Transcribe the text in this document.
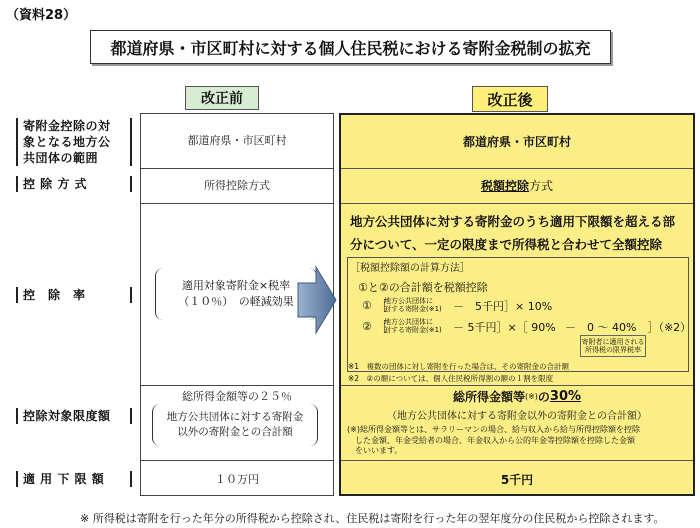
（資料28）
都道府県・市区町村に対する個人住民税における寄附金税制の拡充
改正前	改正後
寄附金控除の対
象となる地方公
共団体の範囲
控 除 方 式
控　除　率
控除対象限度額
適 用 下 限 額
都道府県・市区町村
所得控除方式
適用対象寄附金×税率
（１０％）　の軽減効果
総所得金額等の２５％
地方公共団体に対する寄附金
以外の寄附金との合計額
１０万円
都道府県・市区町村
税額控除 方式
地方公共団体に対する寄附金のうち適用下限額を超える部
分について、一定の限度まで所得税と合わせて全額控除
［税額控除額の計算方法］
①と②の合計額を税額控除
① ［
地方公共団体に
対する寄附金(※1) －　5千円］× 10%
② ［
地方公共団体に
対する寄附金(※1) － 5千円］×［ 90% －　0 ～ 40%　］（※2）
寄附者に適用される
所得税の限界税率
※1　複数の団体に対し寄附を行った場合は、その寄附金の合計額
※2　②の額については、個人住民税所得割の額の１割を限度
総所得金額等 (※) の 30%
（地方公共団体に対する寄附金以外の寄附金との合計額）
(※)総所得金額等とは、サラリーマンの場合、給与収入から給与所得控除額を控除
　した金額、年金受給者の場合、年金収入から公的年金等控除額を控除した金額
　をいいます。
5千円
※ 所得税は寄附を行った年分の所得税から控除され、住民税は寄附を行った年の翌年度分の住民税から控除されます。
